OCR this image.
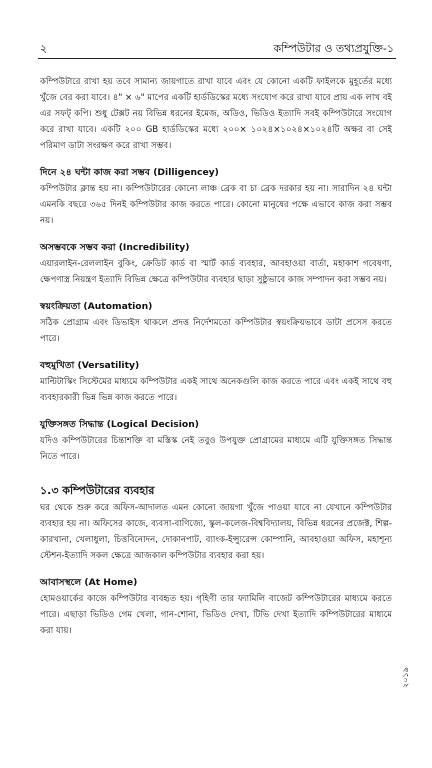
২	কম্পিউটার ও তথ্যপ্রযুক্তি-১

কম্পিউটারে রাখা হয় তবে সামান্য জায়গাতে রাখা যাবে এবং যে কোনো একটি ফাইলকে মুহূর্তের মধ্যে খুঁজে বের করা যাবে। ৪" × ৬" মাপের একটি হার্ডডিস্কের মধ্যে সংযোগ করে রাখা যাবে প্রায় এক লাখ বই এর সফট্ কপি। শুধু টেক্সট নয় বিভিন্ন ধরনের ইমেজ, অডিও, ভিডিও ইত্যাদি সবই কম্পিউটারে সংযোগ করে রাখা যাবে। একটি ২০০ GB হার্ডডিস্কের মধ্যে ২০০× ১০২৪×১০২৪×১০২৪টি অক্ষর বা সেই পরিমাণ ডাটা সংরক্ষণ করে রাখা সম্ভব।

দিনে ২৪ ঘন্টা কাজ করা সম্ভব (Dilligencey)

কম্পিউটার ক্লান্ত হয় না। কম্পিউটারের কোনো লাঞ্চ ব্রেক বা চা ব্রেক দরকার হয় না। সারাদিন ২৪ ঘন্টা এমনকি বছরে ৩৬৫ দিনই কম্পিউটার কাজ করতে পারে। কোনো মানুষের পক্ষে এভাবে কাজ করা সম্ভব নয়।

অসম্ভবকে সম্ভব করা (Incredibility)

এয়ারলাইন-রেললাইন বুকিং, ক্রেডিট কার্ড বা স্মার্ট কার্ড ব্যবহার, আবহাওয়া বার্তা, মহাকাশ গবেষণা, ক্ষেপণাস্ত্র নিয়ন্ত্রণ ইত্যাদি বিভিন্ন ক্ষেত্রে কম্পিউটার ব্যবহার ছাড়া সুষ্ঠুভাবে কাজ সম্পাদন করা সম্ভব নয়।

স্বয়ংক্রিয়তা (Automation)

সঠিক প্রোগ্রাম এবং ডিভাইস থাকলে প্রদত্ত নির্দেশমতো কম্পিউটার স্বয়ংক্রিয়ভাবে ডাটা প্রসেস করতে পারে।

বহুমুখিতা (Versatility)

মাল্টিটাস্কিং সিস্টেমের মাধ্যমে কম্পিউটার একই সাথে অনেকগুলি কাজ করতে পারে এবং একই সাথে বহু ব্যবহারকারী ভিন্ন ভিন্ন কাজ করতে পারে।

যুক্তিসঙ্গত সিদ্ধান্ত (Logical Decision)

যদিও কম্পিউটারের চিন্তাশক্তি বা মস্তিস্ক নেই তবুও উপযুক্ত প্রোগ্রামের মাধ্যমে এটি যুক্তিসঙ্গত সিদ্ধান্ত নিতে পারে।

১.৩ কম্পিউটারের ব্যবহার

ঘর থেকে শুরু করে অফিস-আদালত এমন কোনো জায়গা খুঁজে পাওয়া যাবে না যেখানে কম্পিউটার ব্যবহার হয় না। অফিসের কাজে, ব্যবসা-বাণিজ্যে, স্কুল-কলেজ-বিশ্ববিদ্যালয়, বিভিন্ন ধরনের প্রজেক্ট, শিল্প-কারখানা, খেলাধুলা, চিত্তবিনোদন, দোকানপাট, ব্যাংক-ইন্স্যুরেন্স কোম্পানি, আবহাওয়া অফিস, মহাশূন্য স্টেশন-ইত্যাদি সকল ক্ষেত্রে আজকাল কম্পিউটার ব্যবহার করা হয়।

আবাসস্থলে (At Home)

হোমওয়ার্কের কাজে কম্পিউটার ব্যবহৃত হয়। গৃহিণী তার ফ্যামিলি বাজেট কম্পিউটারের মাধ্যমে করতে পারে। এছাড়া ভিডিও গেম খেলা, গান-শোনা, ভিডিও দেখা, টিভি দেখা ইত্যাদি কম্পিউটারের মাধ্যমে করা যায়।

২০১৯
